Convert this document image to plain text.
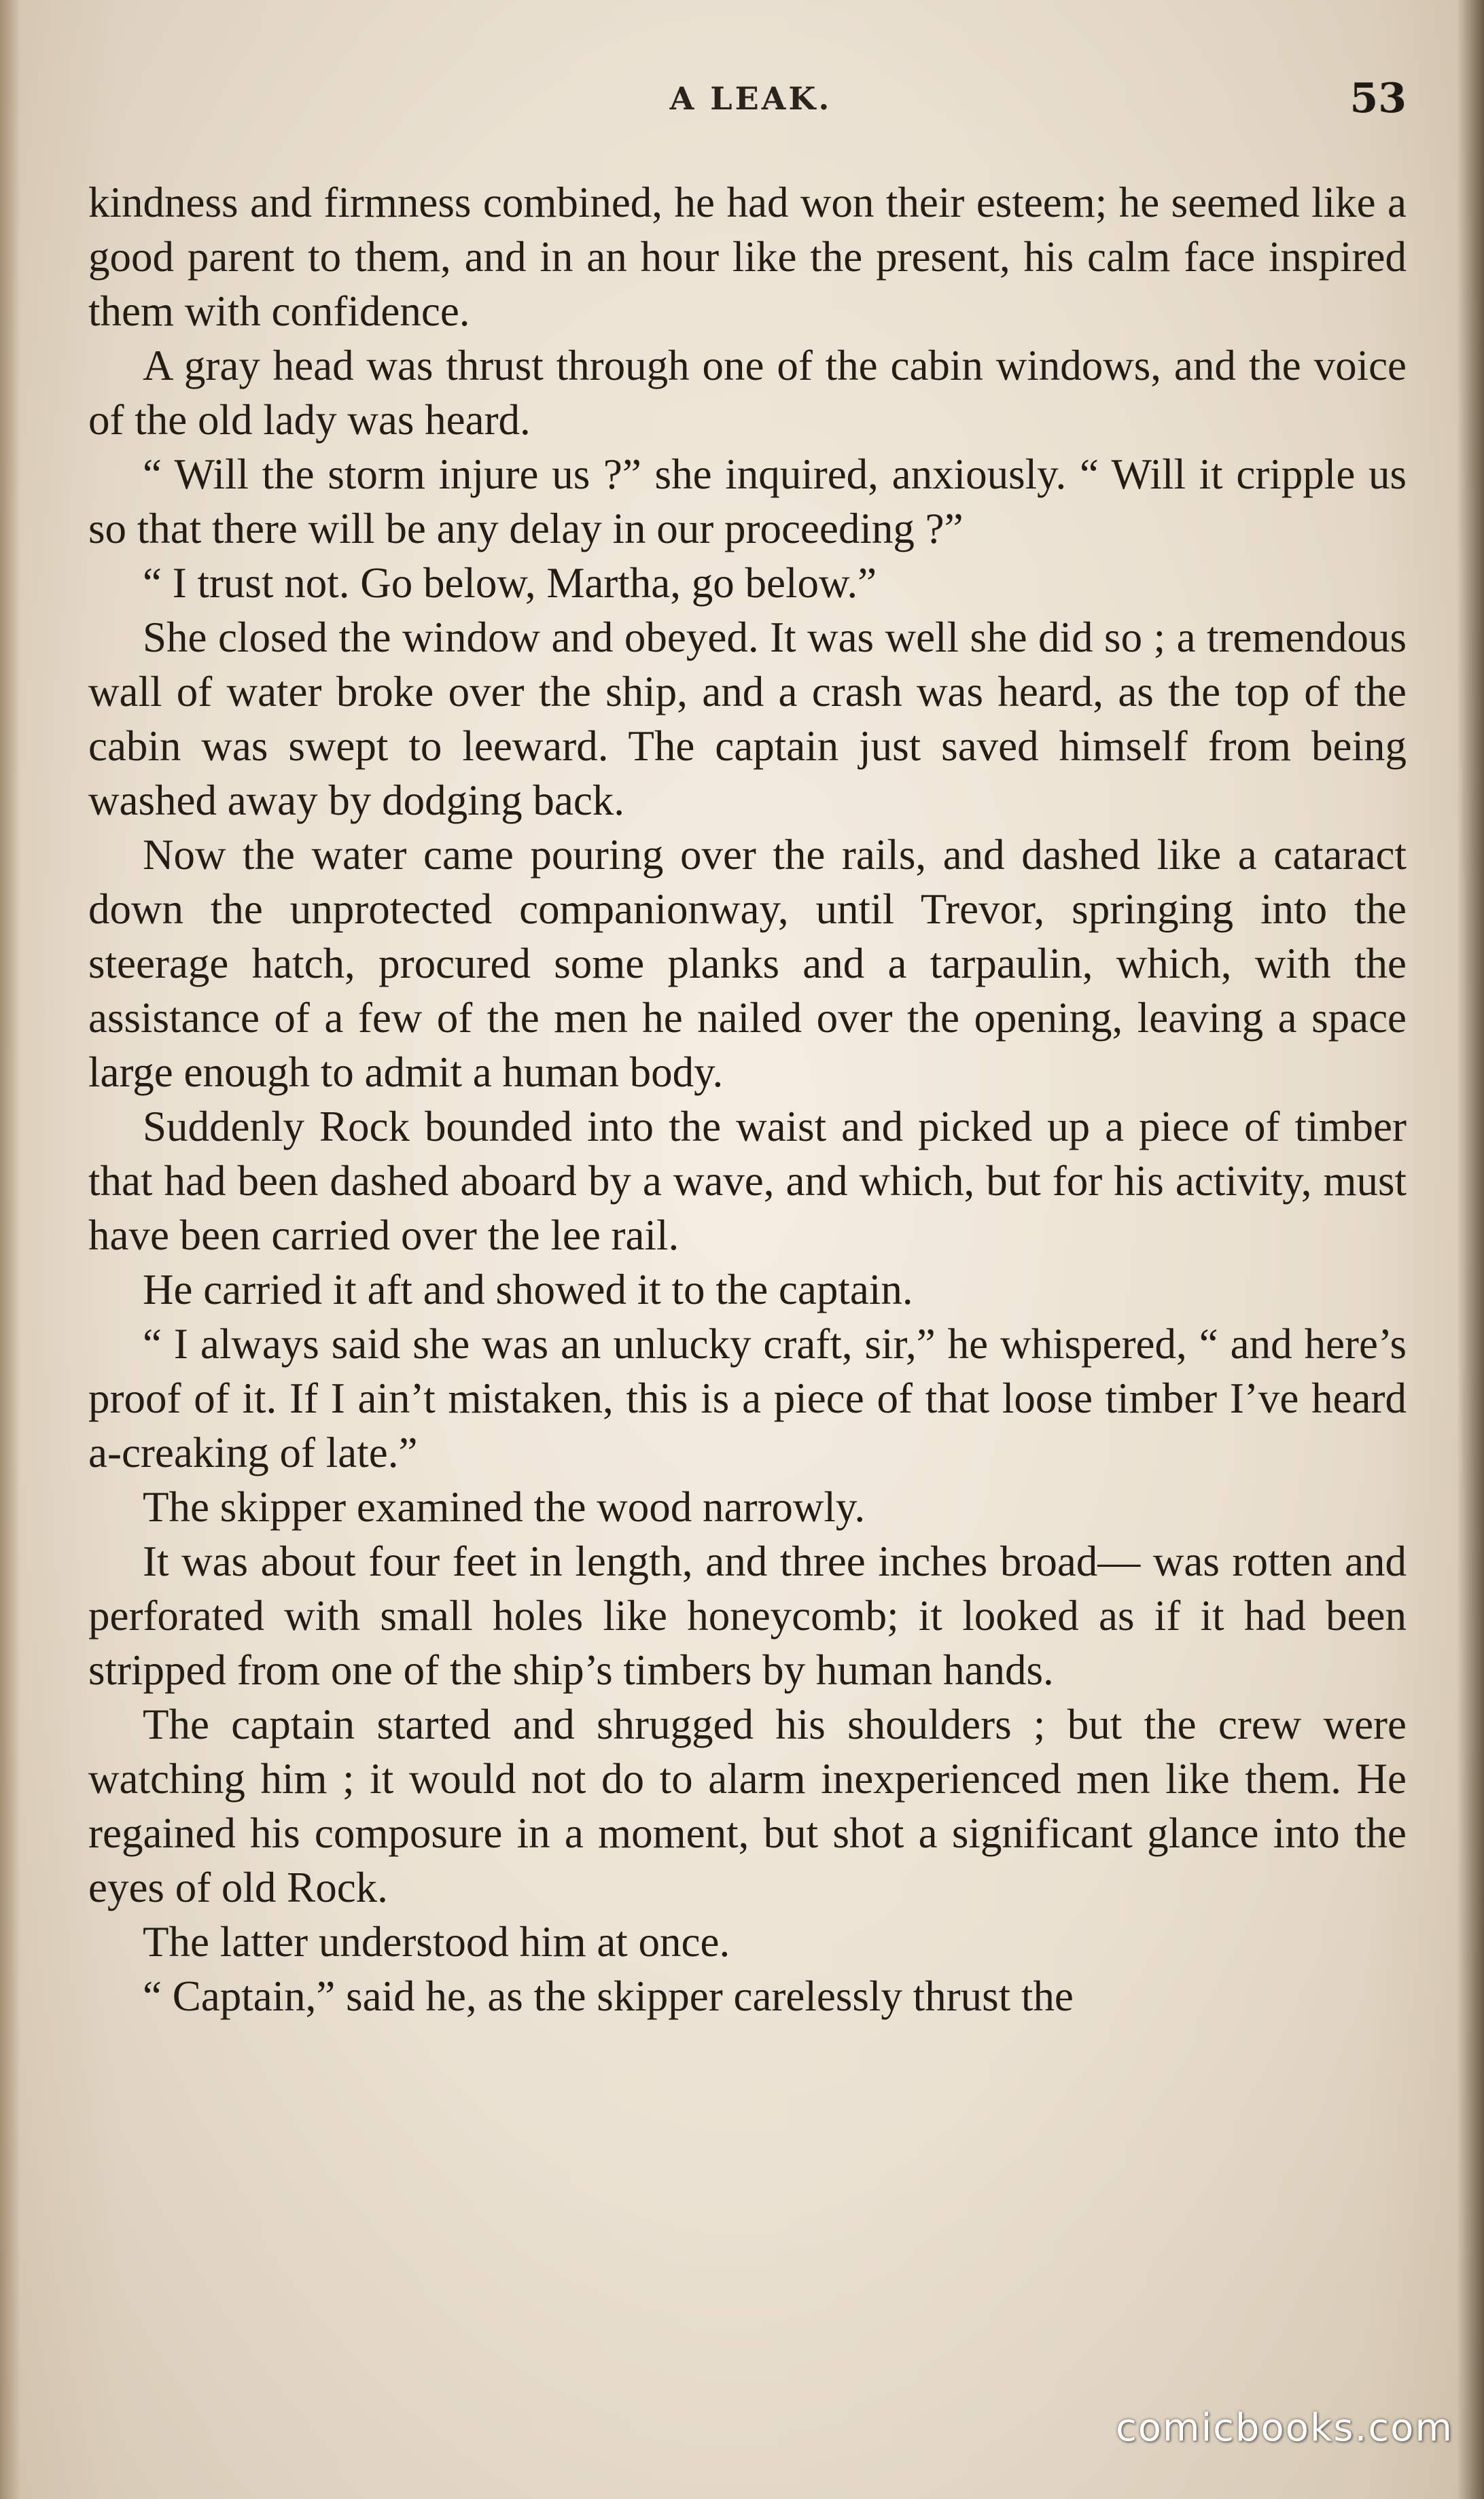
A LEAK.	53

kindness and firmness combined, he had won their esteem; he seemed like a good parent to them, and in an hour like the present, his calm face inspired them with confidence.

A gray head was thrust through one of the cabin windows, and the voice of the old lady was heard.

“ Will the storm injure us ?” she inquired, anxiously. “ Will it cripple us so that there will be any delay in our proceeding ?”

“ I trust not. Go below, Martha, go below.”

She closed the window and obeyed. It was well she did so ; a tremendous wall of water broke over the ship, and a crash was heard, as the top of the cabin was swept to leeward. The captain just saved himself from being washed away by dodging back.

Now the water came pouring over the rails, and dashed like a cataract down the unprotected companionway, until Trevor, springing into the steerage hatch, procured some planks and a tarpaulin, which, with the assistance of a few of the men he nailed over the opening, leaving a space large enough to admit a human body.

Suddenly Rock bounded into the waist and picked up a piece of timber that had been dashed aboard by a wave, and which, but for his activity, must have been carried over the lee rail.

He carried it aft and showed it to the captain.

“ I always said she was an unlucky craft, sir,” he whispered, “ and here’s proof of it. If I ain’t mistaken, this is a piece of that loose timber I’ve heard a-creaking of late.”

The skipper examined the wood narrowly.

It was about four feet in length, and three inches broad— was rotten and perforated with small holes like honeycomb; it looked as if it had been stripped from one of the ship’s timbers by human hands.

The captain started and shrugged his shoulders ; but the crew were watching him ; it would not do to alarm inexperienced men like them. He regained his composure in a moment, but shot a significant glance into the eyes of old Rock.

The latter understood him at once.

“ Captain,” said he, as the skipper carelessly thrust the

comicbooks.com
